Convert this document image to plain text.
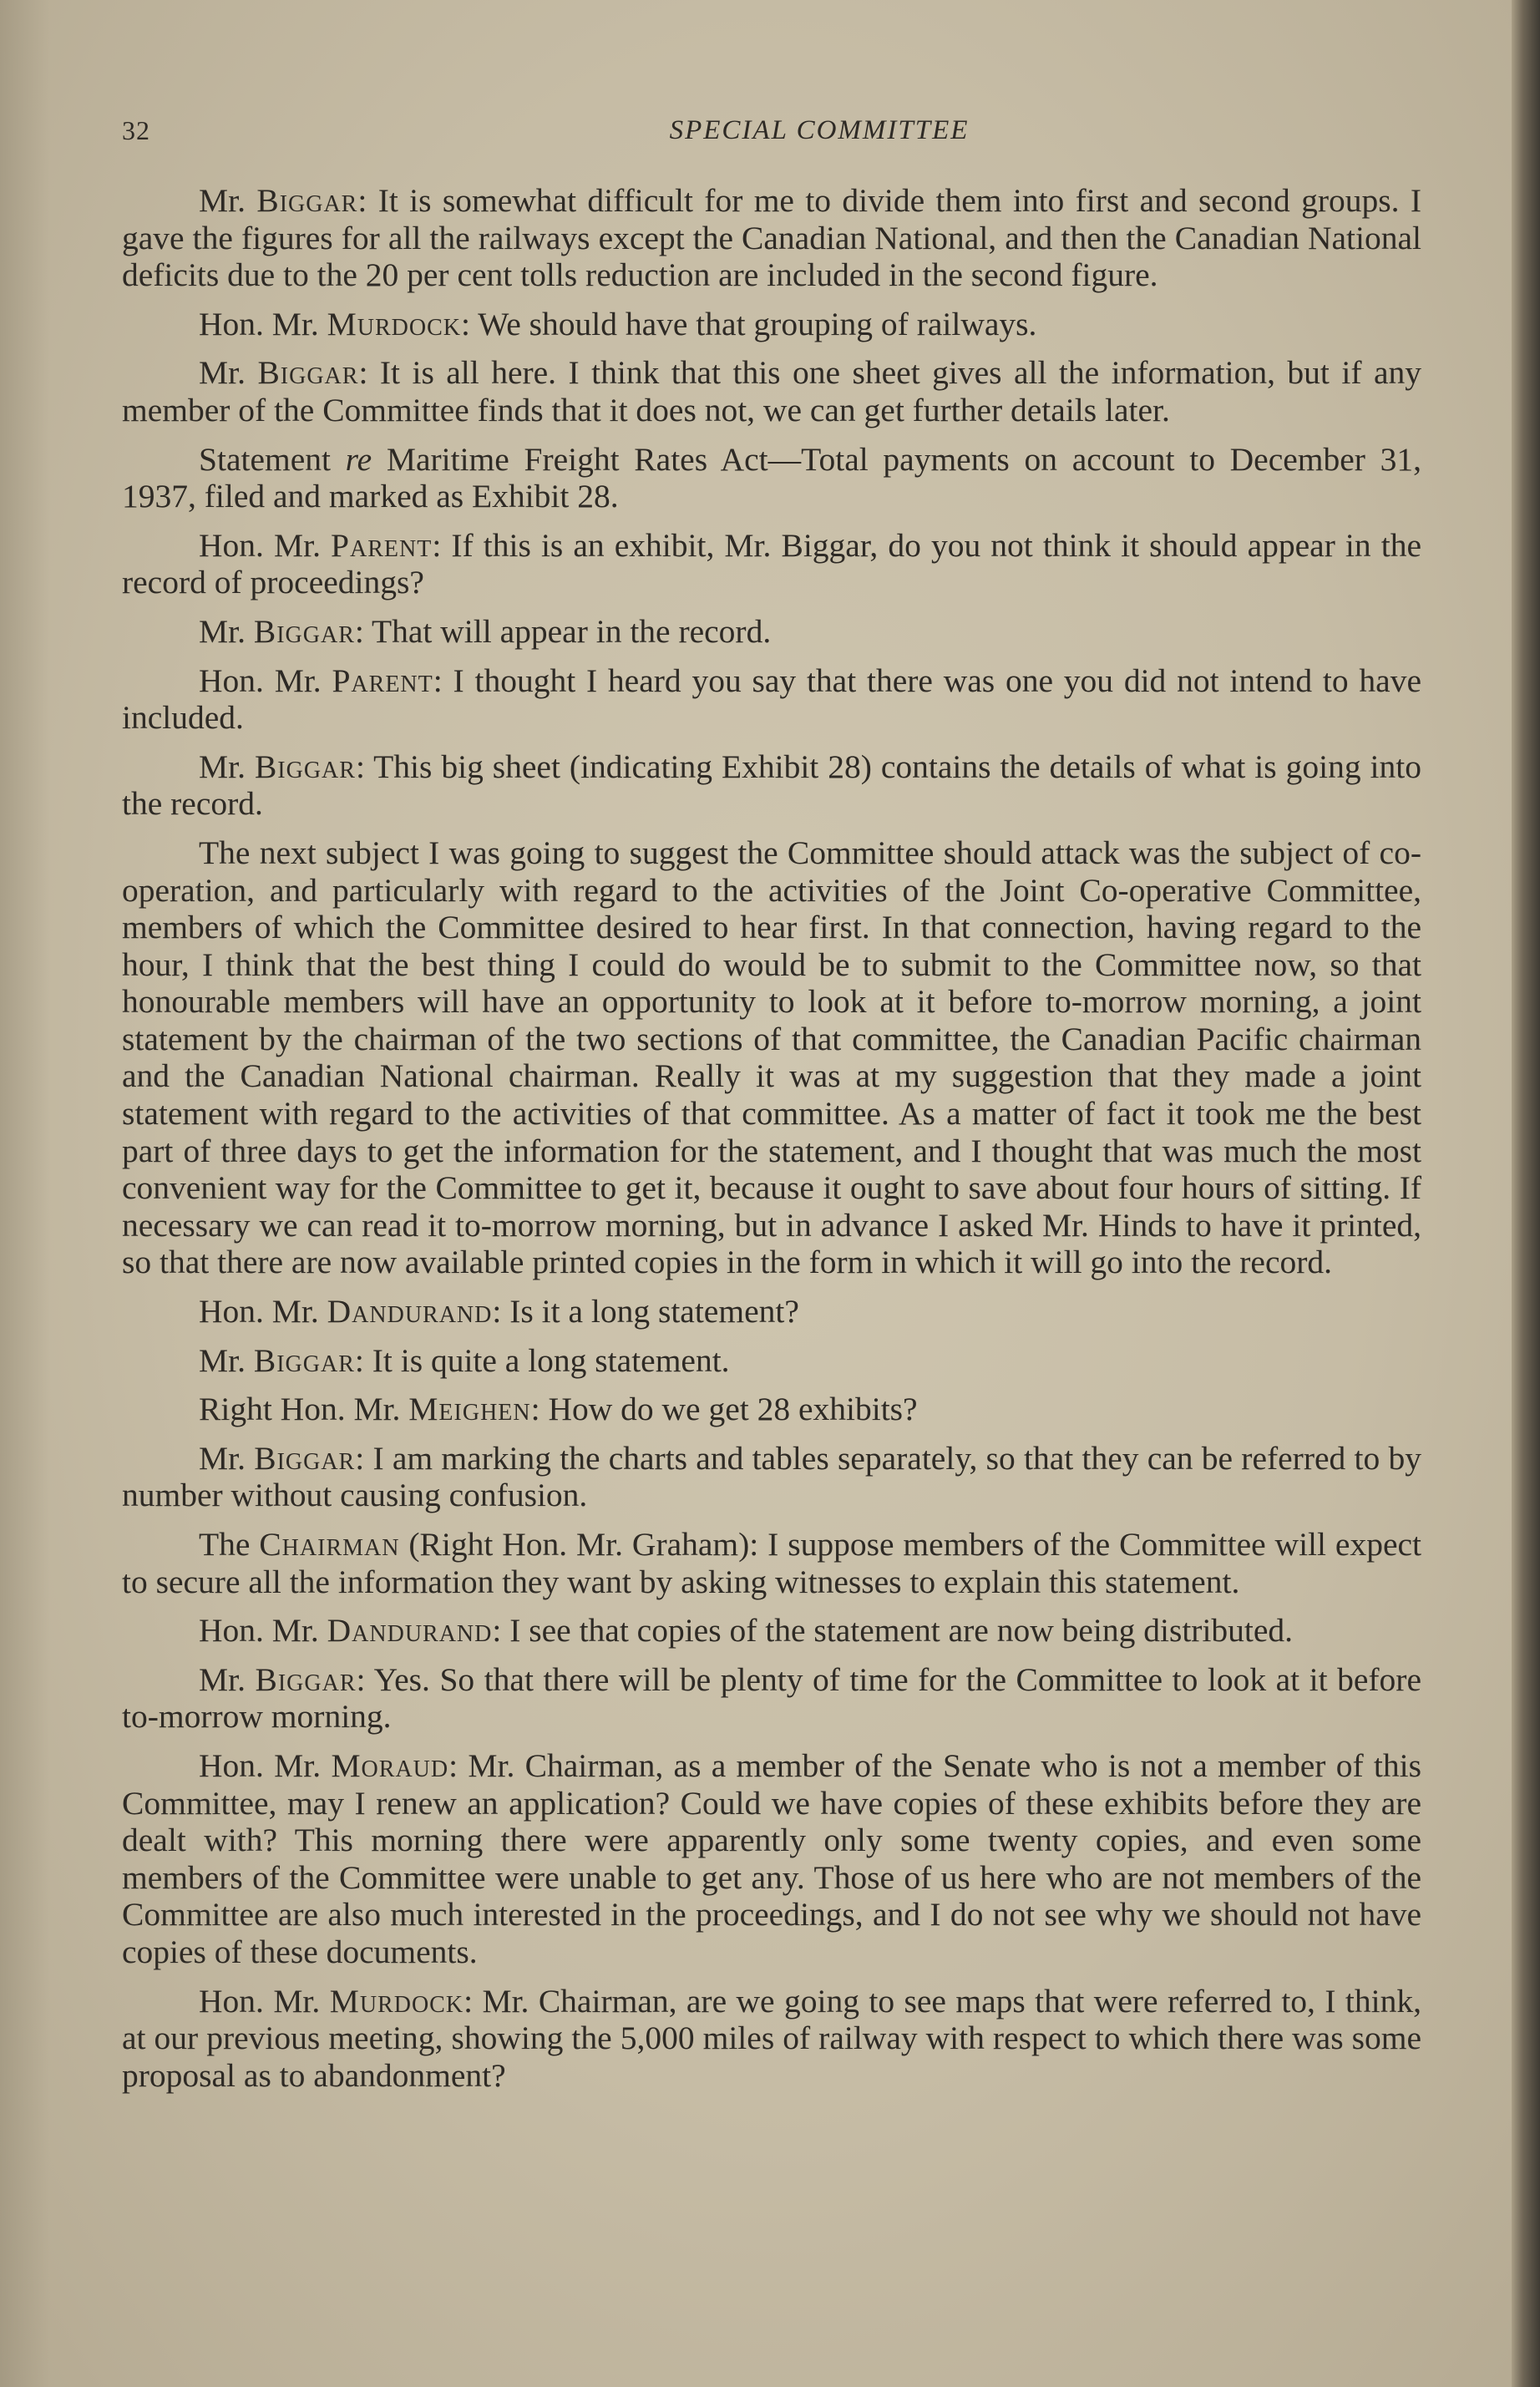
32	SPECIAL COMMITTEE

Mr. Biggar: It is somewhat difficult for me to divide them into first and second groups. I gave the figures for all the railways except the Canadian National, and then the Canadian National deficits due to the 20 per cent tolls reduction are included in the second figure.

Hon. Mr. Murdock: We should have that grouping of railways.

Mr. Biggar: It is all here. I think that this one sheet gives all the information, but if any member of the Committee finds that it does not, we can get further details later.

Statement re Maritime Freight Rates Act—Total payments on account to December 31, 1937, filed and marked as Exhibit 28.

Hon. Mr. Parent: If this is an exhibit, Mr. Biggar, do you not think it should appear in the record of proceedings?

Mr. Biggar: That will appear in the record.

Hon. Mr. Parent: I thought I heard you say that there was one you did not intend to have included.

Mr. Biggar: This big sheet (indicating Exhibit 28) contains the details of what is going into the record.

The next subject I was going to suggest the Committee should attack was the subject of co-operation, and particularly with regard to the activities of the Joint Co-operative Committee, members of which the Committee desired to hear first. In that connection, having regard to the hour, I think that the best thing I could do would be to submit to the Committee now, so that honourable members will have an opportunity to look at it before to-morrow morning, a joint statement by the chairman of the two sections of that committee, the Canadian Pacific chairman and the Canadian National chairman. Really it was at my suggestion that they made a joint statement with regard to the activities of that committee. As a matter of fact it took me the best part of three days to get the information for the statement, and I thought that was much the most convenient way for the Committee to get it, because it ought to save about four hours of sitting. If necessary we can read it to-morrow morning, but in advance I asked Mr. Hinds to have it printed, so that there are now available printed copies in the form in which it will go into the record.

Hon. Mr. Dandurand: Is it a long statement?

Mr. Biggar: It is quite a long statement.

Right Hon. Mr. Meighen: How do we get 28 exhibits?

Mr. Biggar: I am marking the charts and tables separately, so that they can be referred to by number without causing confusion.

The Chairman (Right Hon. Mr. Graham): I suppose members of the Committee will expect to secure all the information they want by asking witnesses to explain this statement.

Hon. Mr. Dandurand: I see that copies of the statement are now being distributed.

Mr. Biggar: Yes. So that there will be plenty of time for the Committee to look at it before to-morrow morning.

Hon. Mr. Moraud: Mr. Chairman, as a member of the Senate who is not a member of this Committee, may I renew an application? Could we have copies of these exhibits before they are dealt with? This morning there were apparently only some twenty copies, and even some members of the Committee were unable to get any. Those of us here who are not members of the Committee are also much interested in the proceedings, and I do not see why we should not have copies of these documents.

Hon. Mr. Murdock: Mr. Chairman, are we going to see maps that were referred to, I think, at our previous meeting, showing the 5,000 miles of railway with respect to which there was some proposal as to abandonment?
